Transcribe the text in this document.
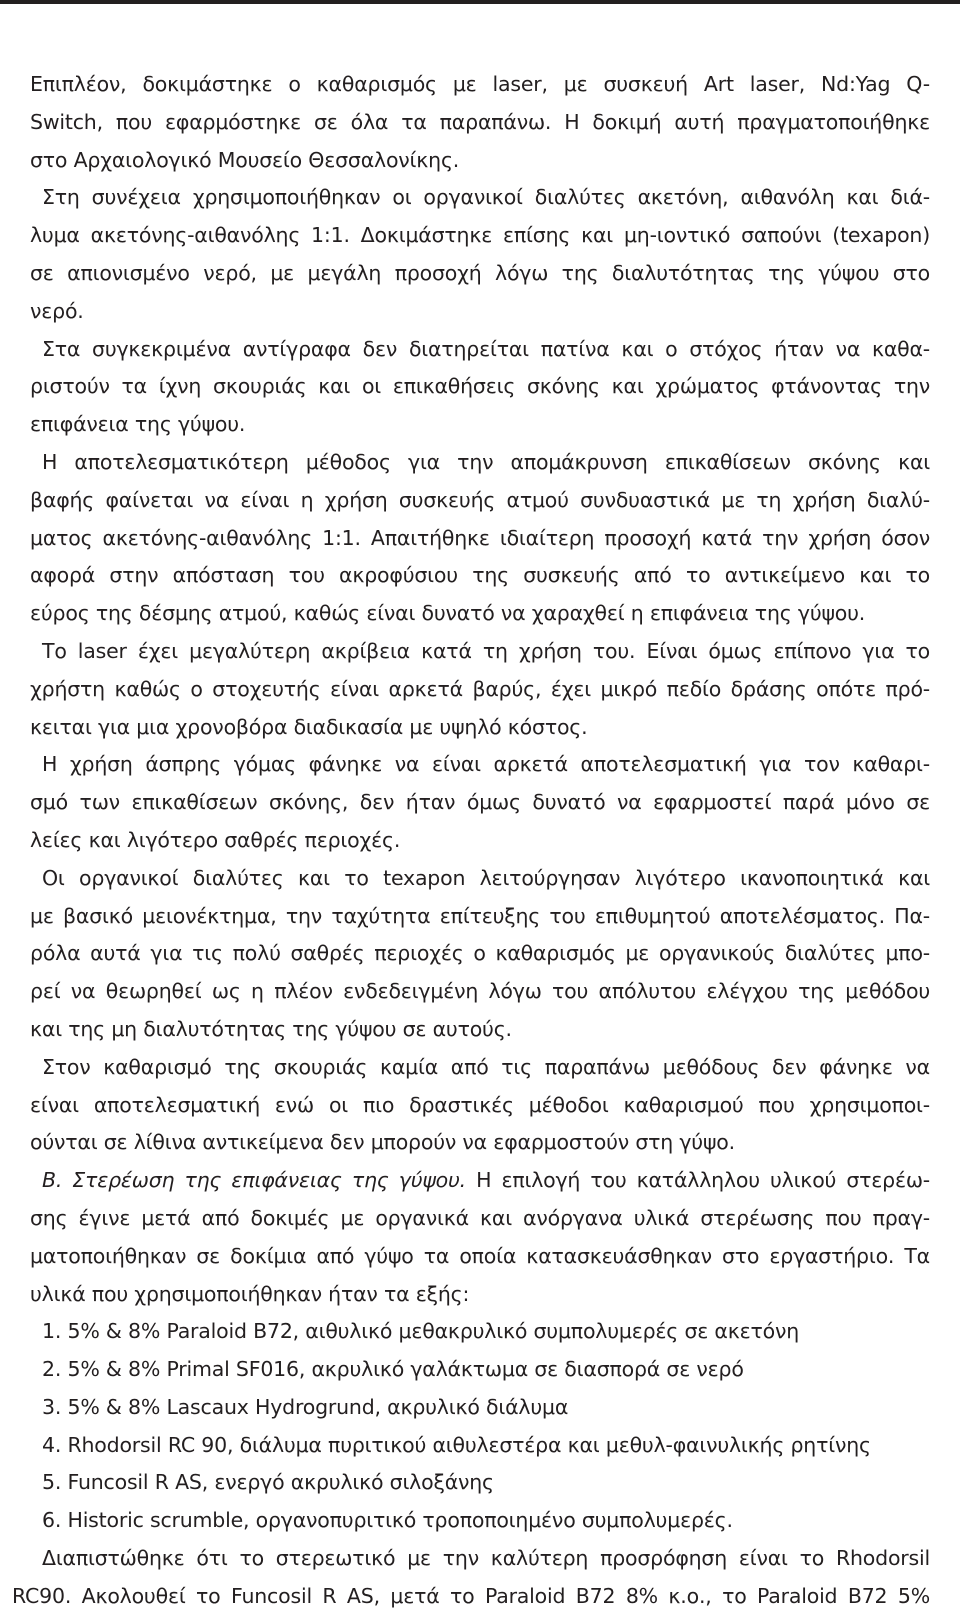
Επιπλέον, δοκιμάστηκε ο καθαρισμός με laser, με συσκευή Art laser, Nd:Yag Q-
Switch, που εφαρμόστηκε σε όλα τα παραπάνω. Η δοκιμή αυτή πραγματοποιήθηκε
στο Αρχαιολογικό Μουσείο Θεσσαλονίκης.
Στη συνέχεια χρησιμοποιήθηκαν οι οργανικοί διαλύτες ακετόνη, αιθανόλη και διά-
λυμα ακετόνης-αιθανόλης 1:1. Δοκιμάστηκε επίσης και μη-ιοντικό σαπούνι (texapon)
σε απιονισμένο νερό, με μεγάλη προσοχή λόγω της διαλυτότητας της γύψου στο
νερό.
Στα συγκεκριμένα αντίγραφα δεν διατηρείται πατίνα και ο στόχος ήταν να καθα-
ριστούν τα ίχνη σκουριάς και οι επικαθήσεις σκόνης και χρώματος φτάνοντας την
επιφάνεια της γύψου.
Η αποτελεσματικότερη μέθοδος για την απομάκρυνση επικαθίσεων σκόνης και
βαφής φαίνεται να είναι η χρήση συσκευής ατμού συνδυαστικά με τη χρήση διαλύ-
ματος ακετόνης-αιθανόλης 1:1. Απαιτήθηκε ιδιαίτερη προσοχή κατά την χρήση όσον
αφορά στην απόσταση του ακροφύσιου της συσκευής από το αντικείμενο και το
εύρος της δέσμης ατμού, καθώς είναι δυνατό να χαραχθεί η επιφάνεια της γύψου.
Το laser έχει μεγαλύτερη ακρίβεια κατά τη χρήση του. Είναι όμως επίπονο για το
χρήστη καθώς ο στοχευτής είναι αρκετά βαρύς, έχει μικρό πεδίο δράσης οπότε πρό-
κειται για μια χρονοβόρα διαδικασία με υψηλό κόστος.
Η χρήση άσπρης γόμας φάνηκε να είναι αρκετά αποτελεσματική για τον καθαρι-
σμό των επικαθίσεων σκόνης, δεν ήταν όμως δυνατό να εφαρμοστεί παρά μόνο σε
λείες και λιγότερο σαθρές περιοχές.
Οι οργανικοί διαλύτες και το texapon λειτούργησαν λιγότερο ικανοποιητικά και
με βασικό μειονέκτημα, την ταχύτητα επίτευξης του επιθυμητού αποτελέσματος. Πα-
ρόλα αυτά για τις πολύ σαθρές περιοχές ο καθαρισμός με οργανικούς διαλύτες μπο-
ρεί να θεωρηθεί ως η πλέον ενδεδειγμένη λόγω του απόλυτου ελέγχου της μεθόδου
και της μη διαλυτότητας της γύψου σε αυτούς.
Στον καθαρισμό της σκουριάς καμία από τις παραπάνω μεθόδους δεν φάνηκε να
είναι αποτελεσματική ενώ οι πιο δραστικές μέθοδοι καθαρισμού που χρησιμοποι-
ούνται σε λίθινα αντικείμενα δεν μπορούν να εφαρμοστούν στη γύψο.
Β. Στερέωση της επιφάνειας της γύψου. Η επιλογή του κατάλληλου υλικού στερέω-
σης έγινε μετά από δοκιμές με οργανικά και ανόργανα υλικά στερέωσης που πραγ-
ματοποιήθηκαν σε δοκίμια από γύψο τα οποία κατασκευάσθηκαν στο εργαστήριο. Τα
υλικά που χρησιμοποιήθηκαν ήταν τα εξής:
1. 5% & 8% Paraloid B72, αιθυλικό μεθακρυλικό συμπολυμερές σε ακετόνη
2. 5% & 8% Primal SF016, ακρυλικό γαλάκτωμα σε διασπορά σε νερό
3. 5% & 8% Lascaux Hydrogrund, ακρυλικό διάλυμα
4. Rhodorsil RC 90, διάλυμα πυριτικού αιθυλεστέρα και μεθυλ-φαινυλικής ρητίνης
5. Funcosil R AS, ενεργό ακρυλικό σιλοξάνης
6. Historic scrumble, οργανοπυριτικό τροποποιημένο συμπολυμερές.
Διαπιστώθηκε ότι το στερεωτικό με την καλύτερη προσρόφηση είναι το Rhodorsil
RC90. Ακολουθεί το Funcosil R AS, μετά το Paraloid B72 8% κ.ο., το Paraloid B72 5%
